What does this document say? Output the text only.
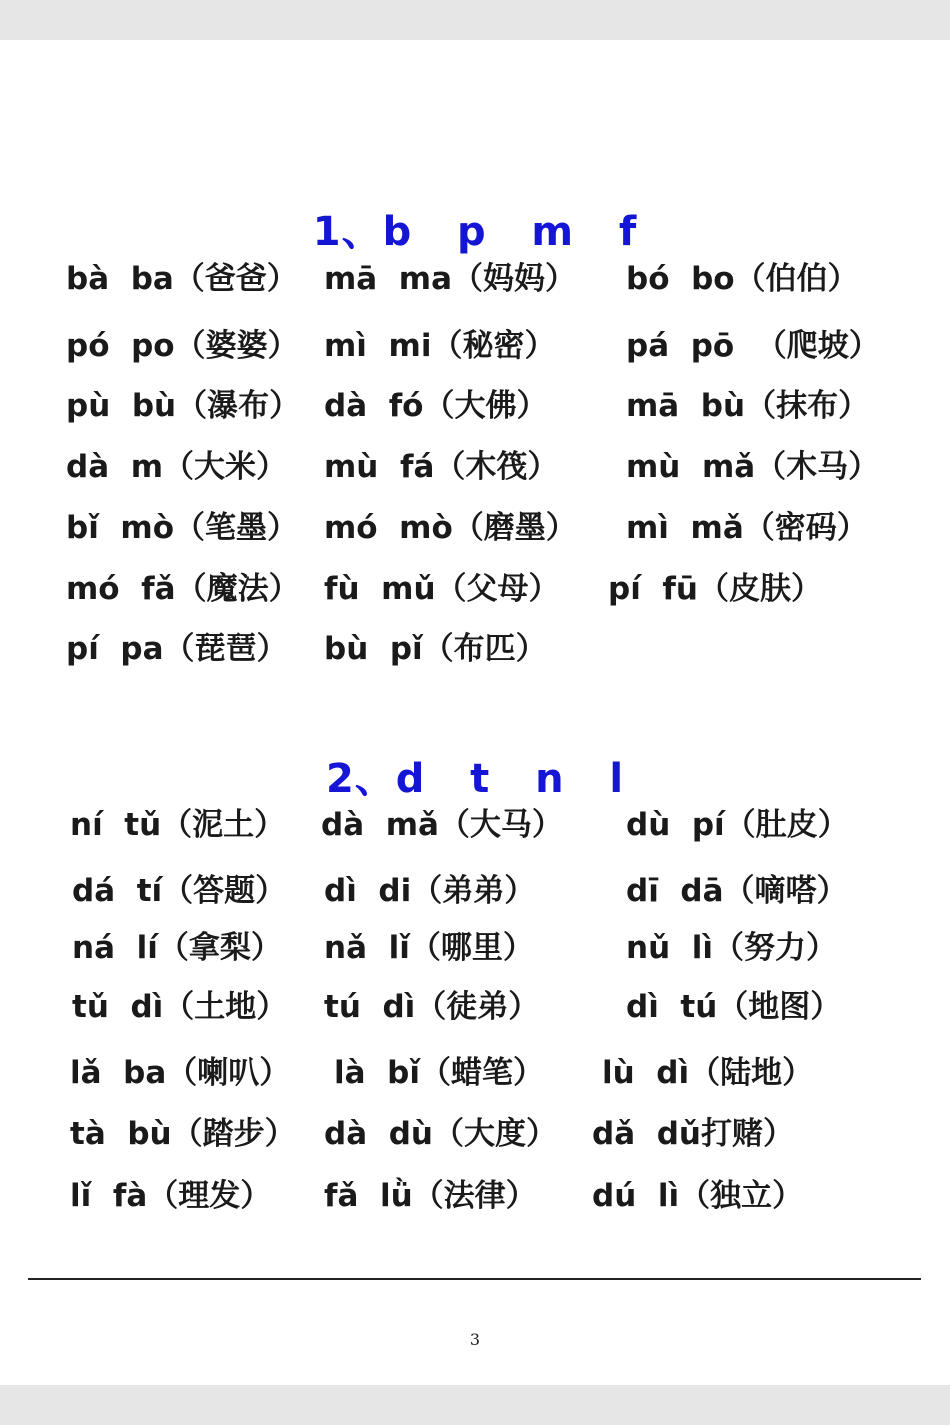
1、b   p   m   f
bà  ba（爸爸） mā  ma（妈妈） bó  bo（伯伯）
pó  po（婆婆） mì  mi（秘密） pá  pō  （爬坡）
pù  bù（瀑布） dà  fó（大佛）	mā  bù（抹布）
dà  m（大米） mù  fá（木筏） mù  mǎ（木马）
bǐ  mò（笔墨） mó  mò（磨墨） mì  mǎ（密码）
mó  fǎ（魔法） fù  mǔ（父母） pí  fū（皮肤）
pí  pa（琵琶） bù  pǐ（布匹）
2、d   t   n   l
ní  tǔ（泥土） dà  mǎ（大马） dù  pí（肚皮）
dá  tí（答题） dì  di（弟弟）	dī  dā（嘀嗒）
ná  lí（拿梨） nǎ  lǐ（哪里）	nǔ  lì（努力）
tǔ  dì（土地） tú  dì（徒弟）	dì  tú（地图）
lǎ  ba（喇叭） là  bǐ（蜡笔） lù  dì（陆地）
tà  bù（踏步） dà  dù（大度） dǎ  dǔ打赌）
lǐ  fà（理发） fǎ  lǜ（法律） dú  lì（独立）
3
